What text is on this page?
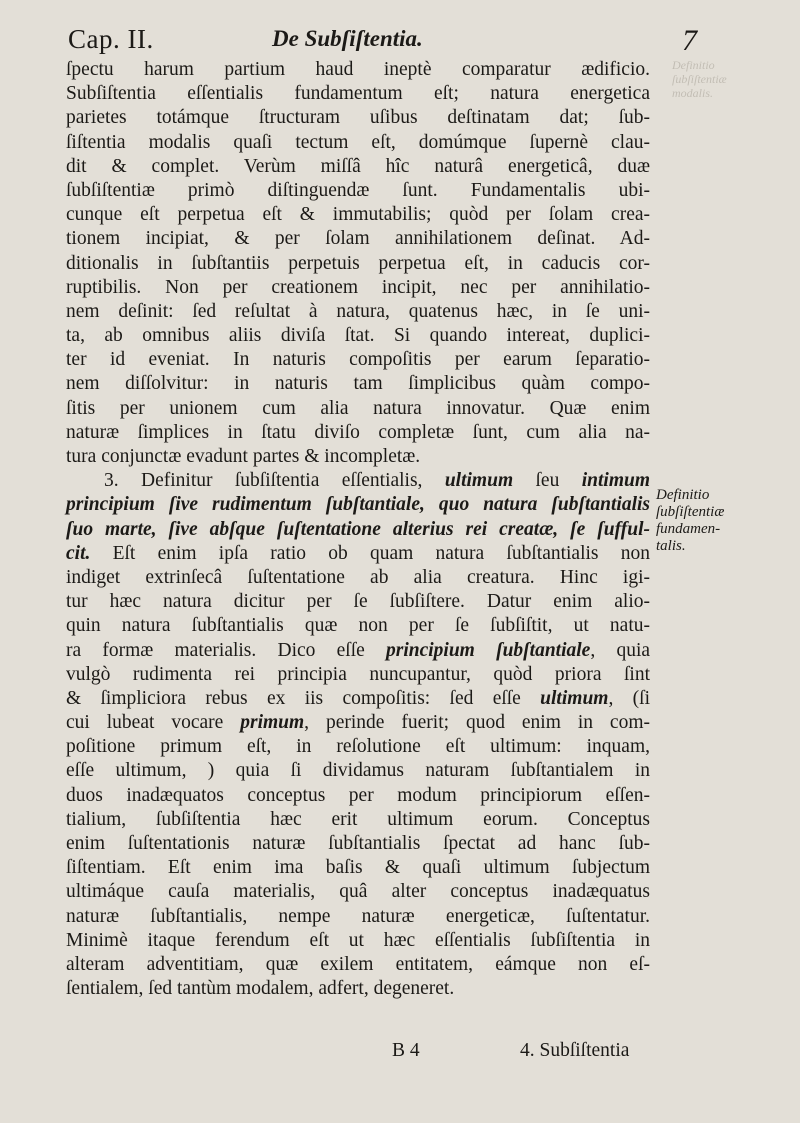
Cap. II.	De Subſiſtentia.	7
Definitio
ſubſiſtentiæ
modalis.
ſpectu harum partium haud ineptè comparatur ædificio.
Subſiſtentia eſſentialis fundamentum eſt; natura energetica
parietes totámque ſtructuram uſibus deſtinatam dat; ſub-
ſiſtentia modalis quaſi tectum eſt, domúmque ſupernè clau-
dit & complet. Verùm miſſâ hîc naturâ energeticâ, duæ
ſubſiſtentiæ primò diſtinguendæ ſunt. Fundamentalis ubi-
cunque eſt perpetua eſt & immutabilis; quòd per ſolam crea-
tionem incipiat, & per ſolam annihilationem deſinat. Ad-
ditionalis in ſubſtantiis perpetuis perpetua eſt, in caducis cor-
ruptibilis. Non per creationem incipit, nec per annihilatio-
nem deſinit: ſed reſultat à natura, quatenus hæc, in ſe uni-
ta, ab omnibus aliis diviſa ſtat. Si quando intereat, duplici-
ter id eveniat. In naturis compoſitis per earum ſeparatio-
nem diſſolvitur: in naturis tam ſimplicibus quàm compo-
ſitis per unionem cum alia natura innovatur. Quæ enim
naturæ ſimplices in ſtatu diviſo completæ ſunt, cum alia na-
tura conjunctæ evadunt partes & incompletæ.
3. Definitur ſubſiſtentia eſſentialis, ultimum ſeu intimum
principium ſive rudimentum ſubſtantiale, quo natura ſubſtantialis
ſuo marte, ſive abſque ſuſtentatione alterius rei creatæ, ſe ſufful-
cit. Eſt enim ipſa ratio ob quam natura ſubſtantialis non
indiget extrinſecâ ſuſtentatione ab alia creatura. Hinc igi-
tur hæc natura dicitur per ſe ſubſiſtere. Datur enim alio-
quin natura ſubſtantialis quæ non per ſe ſubſiſtit, ut natu-
ra formæ materialis. Dico eſſe principium ſubſtantiale, quia
vulgò rudimenta rei principia nuncupantur, quòd priora ſint
& ſimpliciora rebus ex iis compoſitis: ſed eſſe ultimum, (ſi
cui lubeat vocare primum, perinde fuerit; quod enim in com-
poſitione primum eſt, in reſolutione eſt ultimum: inquam,
eſſe ultimum, ) quia ſi dividamus naturam ſubſtantialem in
duos inadæquatos conceptus per modum principiorum eſſen-
tialium, ſubſiſtentia hæc erit ultimum eorum. Conceptus
enim ſuſtentationis naturæ ſubſtantialis ſpectat ad hanc ſub-
ſiſtentiam. Eſt enim ima baſis & quaſi ultimum ſubjectum
ultimáque cauſa materialis, quâ alter conceptus inadæquatus
naturæ ſubſtantialis, nempe naturæ energeticæ, ſuſtentatur.
Minimè itaque ferendum eſt ut hæc eſſentialis ſubſiſtentia in
alteram adventitiam, quæ exilem entitatem, eámque non eſ-
ſentialem, ſed tantùm modalem, adfert, degeneret.
Definitio
ſubſiſtentiæ
fundamen-
talis.
B 4	4. Subſiſtentia
